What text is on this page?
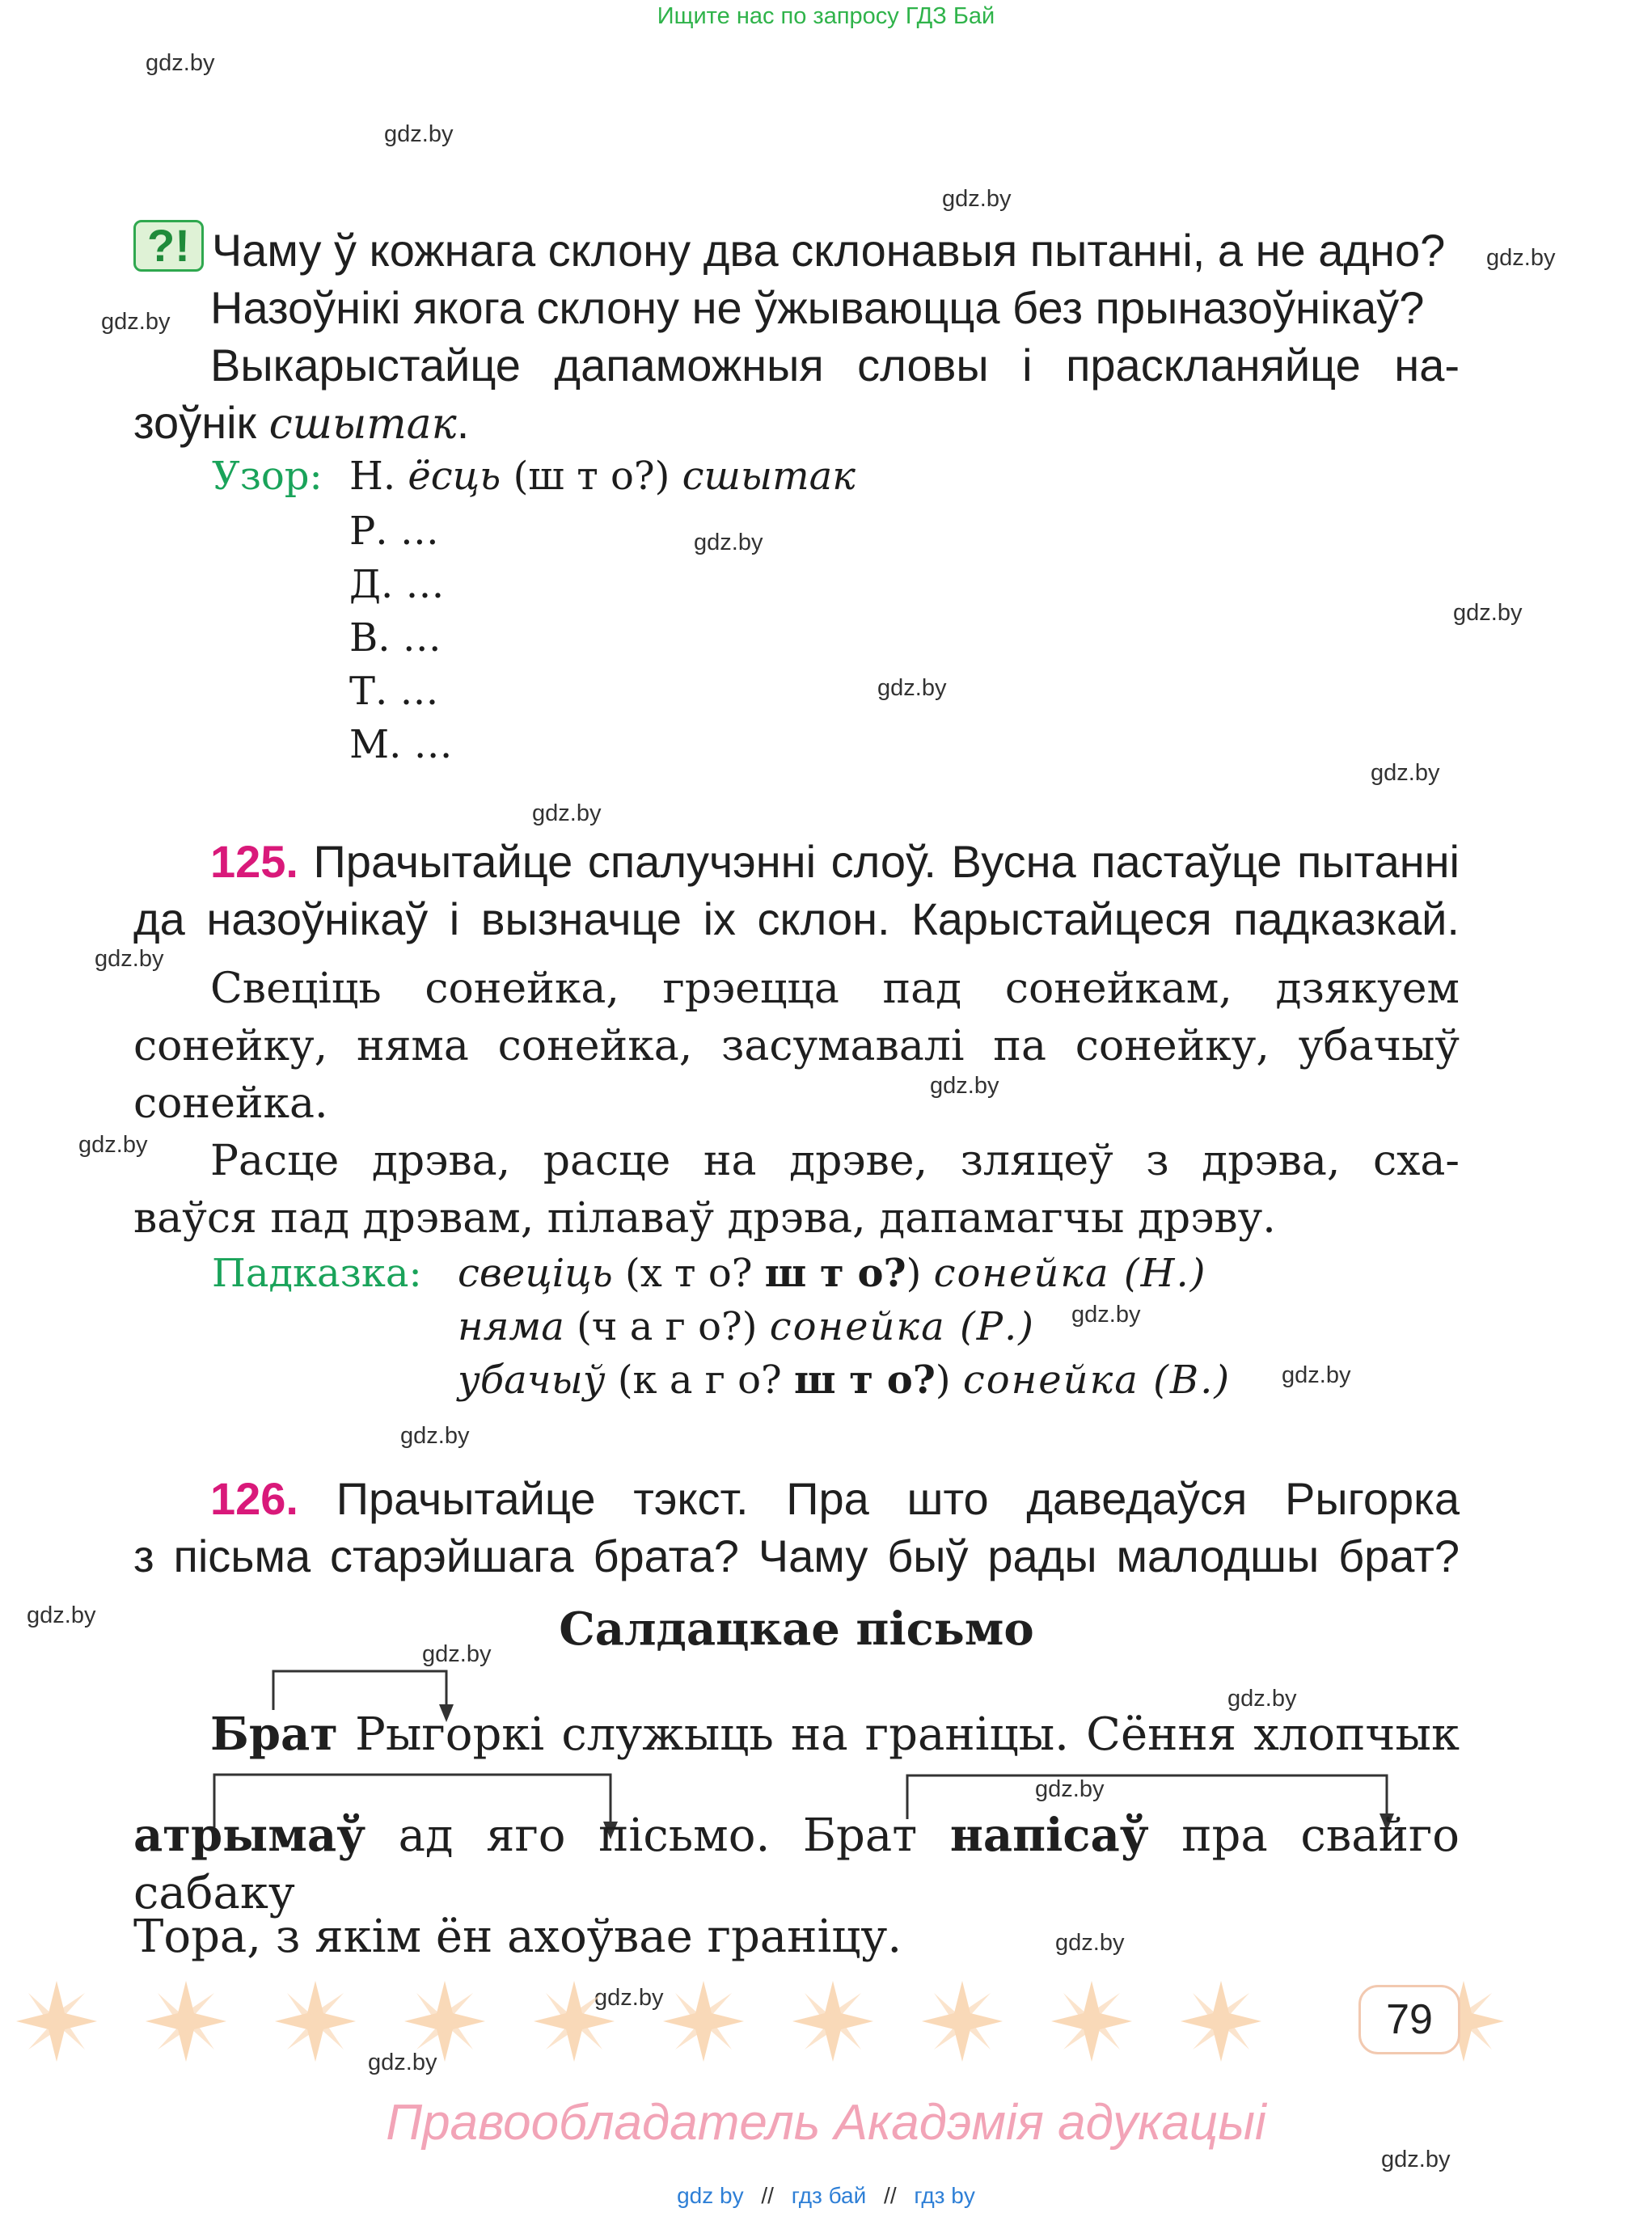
Ищите нас по запросу ГДЗ Бай
gdz.by
gdz.by
gdz.by
gdz.by
gdz.by
gdz.by
gdz.by
gdz.by
gdz.by
gdz.by
gdz.by
gdz.by
gdz.by
gdz.by
gdz.by
gdz.by
gdz.by
gdz.by
gdz.by
gdz.by
gdz.by
gdz.by
gdz.by
gdz.by
?! Чаму ў кожнага склону два склонавыя пытанні, а не адно?
Назоўнікі якога склону не ўжываюцца без прыназоўнікаў?
Выкарыстайце дапаможныя словы і праскланяйце на-
зоўнік сшытак.
Узор: Н. ёсць (ш т о?) сшытак
Р. …
Д. …
В. …
Т. …
М. …
125. Прачытайце спалучэнні слоў. Вусна пастаўце пытанні
да назоўнікаў і вызначце іх склон. Карыстайцеся падказкай.
Свеціць сонейка, грэецца пад сонейкам, дзякуем
сонейку, няма сонейка, засумавалі па сонейку, убачыў
сонейка.
Расце дрэва, расце на дрэве, зляцеў з дрэва, сха-
ваўся пад дрэвам, пілаваў дрэва, дапамагчы дрэву.
Падказка: свеціць (х т о? ш т о?) сонейка (Н.)
няма (ч а г о?) сонейка (Р.)
убачыў (к а г о? ш т о?) сонейка (В.)
126. Прачытайце тэкст. Пра што даведаўся Рыгорка
з пісьма старэйшага брата? Чаму быў рады малодшы брат?
Салдацкае пісьмо
Брат Рыгоркі служыць на граніцы. Сёння хлопчык
атрымаў ад яго пісьмо. Брат напісаў пра свайго сабаку
Тора, з якім ён ахоўвае граніцу.
79
Правообладатель Акадэмія адукацыі
gdz by // гдз бай // гдз by
